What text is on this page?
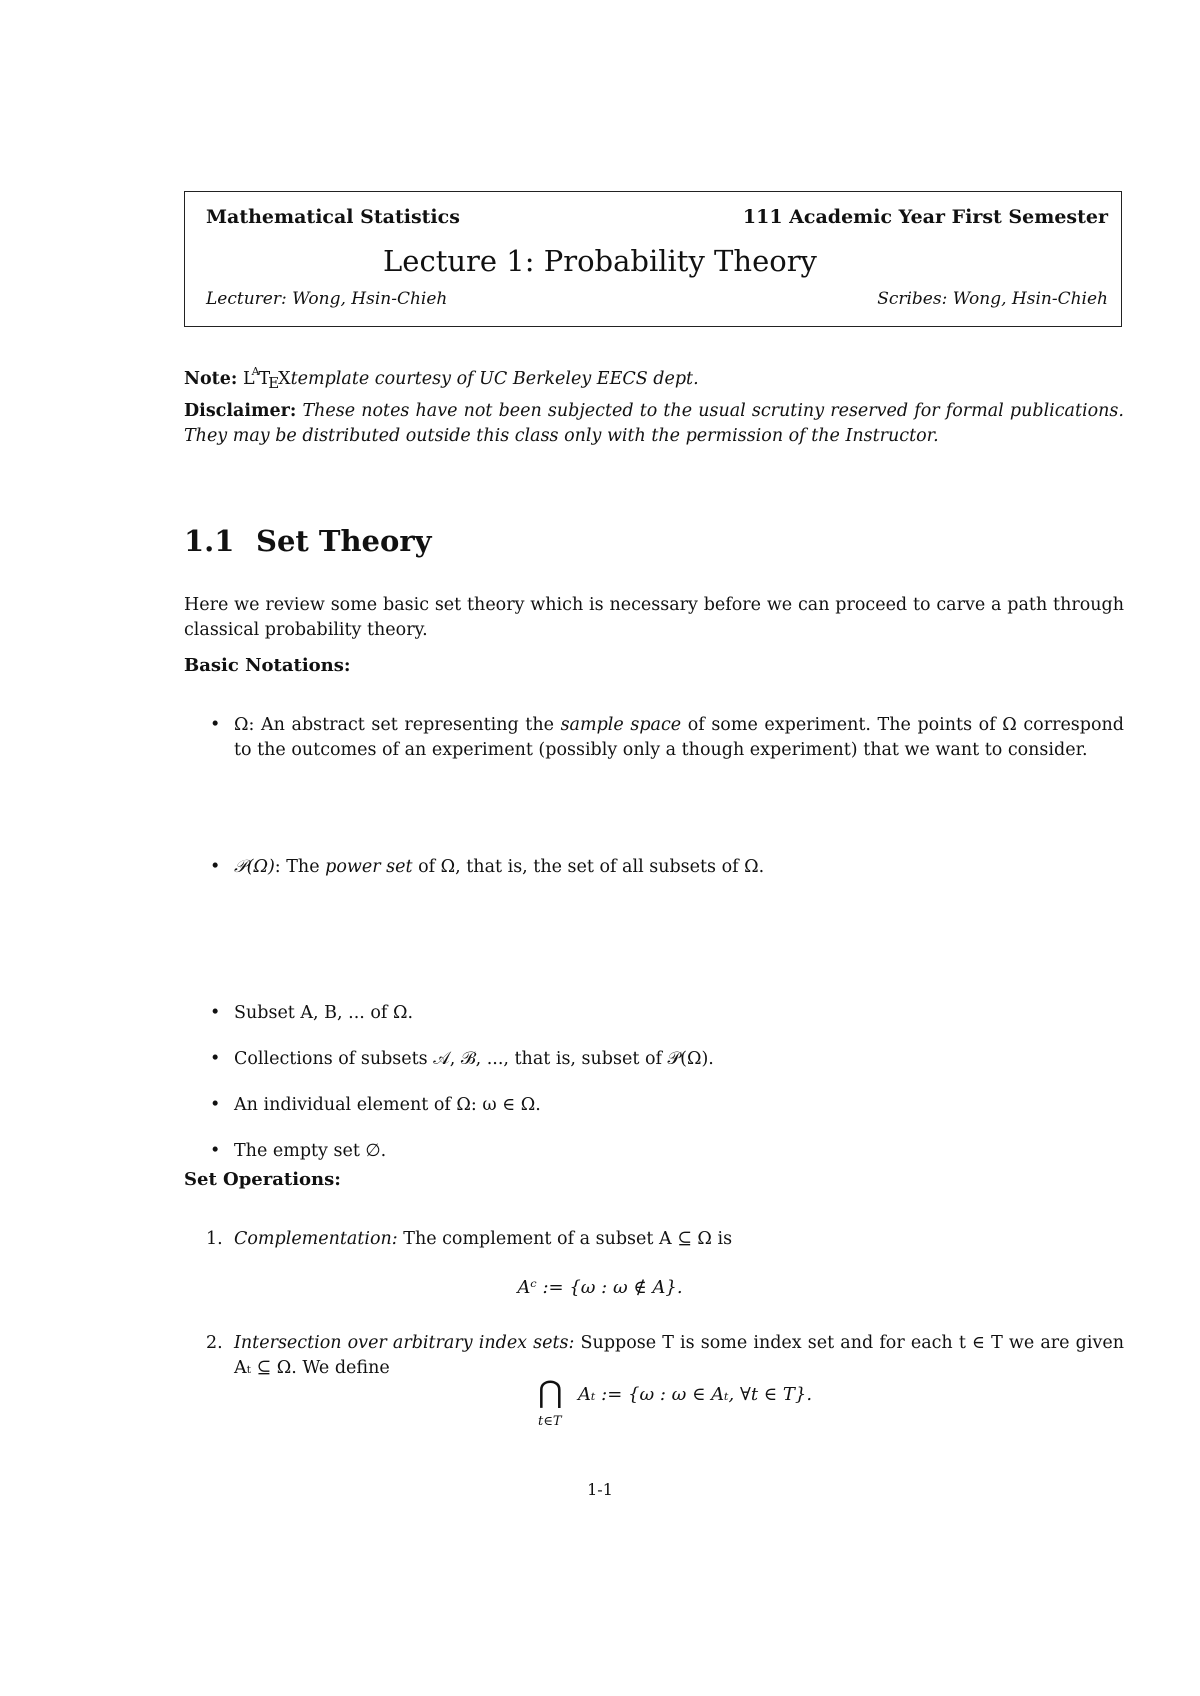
Mathematical Statistics	111 Academic Year First Semester
Lecture 1: Probability Theory
Lecturer: Wong, Hsin-Chieh	Scribes: Wong, Hsin-Chieh
Note: $L^AT_EXtemplate$ courtesy of UC Berkeley EECS dept.
Disclaimer: These notes have not been subjected to the usual scrutiny reserved for formal publications. They may be distributed outside this class only with the permission of the Instructor.
1.1 Set Theory
Here we review some basic set theory which is necessary before we can proceed to carve a path through classical probability theory.
Basic Notations:
• Ω: An abstract set representing the sample space of some experiment. The points of Ω correspond to the outcomes of an experiment (possibly only a though experiment) that we want to consider.
• 𝒫(Ω): The power set of Ω, that is, the set of all subsets of Ω.
• Subset A, B, ... of Ω.
• Collections of subsets 𝒜, ℬ, ..., that is, subset of 𝒫(Ω).
• An individual element of Ω: ω ∈ Ω.
• The empty set ∅.
Set Operations:
1. Complementation: The complement of a subset A ⊆ Ω is
Aᶜ := {ω : ω ∉ A}.
2. Intersection over arbitrary index sets: Suppose T is some index set and for each t ∈ T we are given Aₜ ⊆ Ω. We define
⋂
t∈T
Aₜ := {ω : ω ∈ Aₜ, ∀t ∈ T}.
1-1
